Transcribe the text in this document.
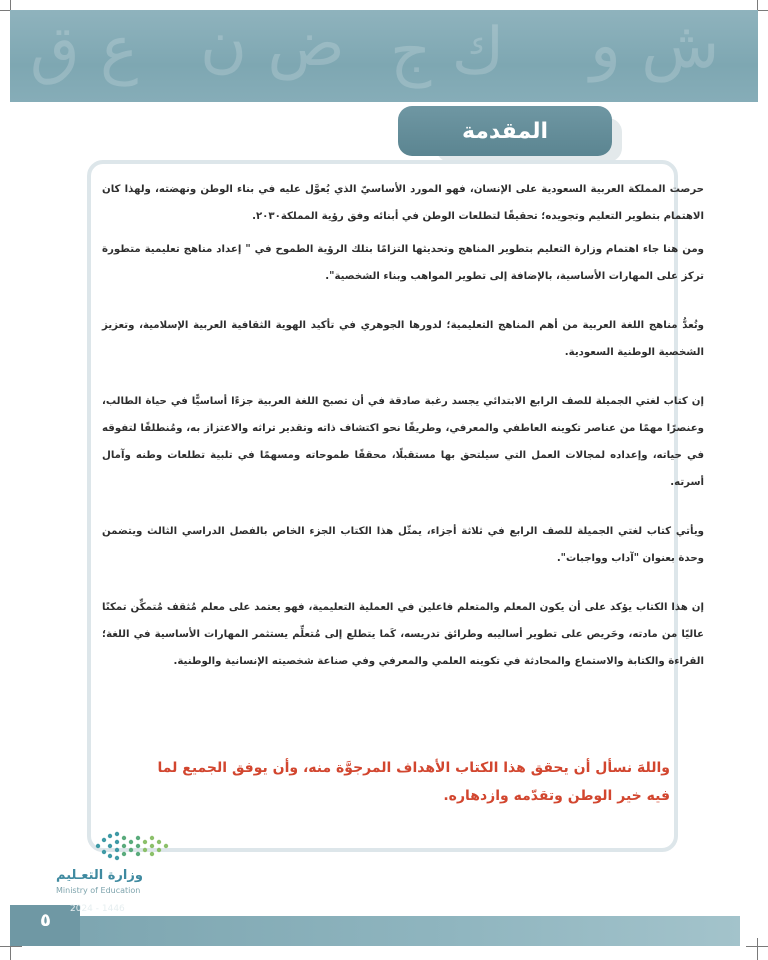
ع ق ض ن ك ج ش و
المقدمة

حرصت المملكة العربية السعودية على الإنسان، فهو المورد الأساسيّ الذي يُعوَّل عليه في بناء الوطن ونهضته، ولهذا كان الاهتمام بتطوير التعليم وتجويده؛ تحقيقًا لتطلعات الوطن في أبنائه وفق رؤية المملكة٢٠٣٠.

ومن هنا جاء اهتمام وزارة التعليم بتطوير المناهج وتحديثها التزامًا بتلك الرؤية الطموح في " إعداد مناهج تعليمية متطورة تركز على المهارات الأساسية، بالإضافة إلى تطوير المواهب وبناء الشخصية".

وتُعدُّ مناهج اللغة العربية من أهم المناهج التعليمية؛ لدورها الجوهري في تأكيد الهوية الثقافية العربية الإسلامية، وتعزيز الشخصية الوطنية السعودية.

إن كتاب لغتي الجميلة للصف الرابع الابتدائي يجسد رغبة صادقة في أن تصبح اللغة العربية جزءًا أساسيًّا في حياة الطالب، وعنصرًا مهمًا من عناصر تكوينه العاطفي والمعرفي، وطريقًا نحو اكتشاف ذاته وتقدير تراثه والاعتزاز به، ومُنطلقًا لتفوقه في حياته، وإعداده لمجالات العمل التي سيلتحق بها مستقبلًا، محققًا طموحاته ومسهمًا في تلبية تطلعات وطنه وآمال أسرته.

ويأتي كتاب لغتي الجميلة للصف الرابع في ثلاثة أجزاء، يمثّل هذا الكتاب الجزء الخاص بالفصل الدراسي الثالث ويتضمن وحدة بعنوان "آداب وواجبات".

إن هذا الكتاب يؤكد على أن يكون المعلم والمتعلم فاعلين في العملية التعليمية، فهو يعتمد على معلم مُثقف مُتمكِّن تمكنًا عاليًا من مادته، وحَريص على تطوير أساليبه وطرائق تدريسه، كَما يتطلع إلى مُتعلِّم يستثمر المهارات الأساسية في اللغة؛ القراءة والكتابة والاستماع والمحادثة في تكوينه العلمي والمعرفي وفي صناعة شخصيته الإنسانية والوطنية.

واللهَ نسأل أن يحقق هذا الكتاب الأهداف المرجوَّة منه، وأن يوفق الجميع لما فيه خير الوطن وتقدّمه وازدهاره.
وزارة التعـليم
Ministry of Education
٥
2024 - 1446
